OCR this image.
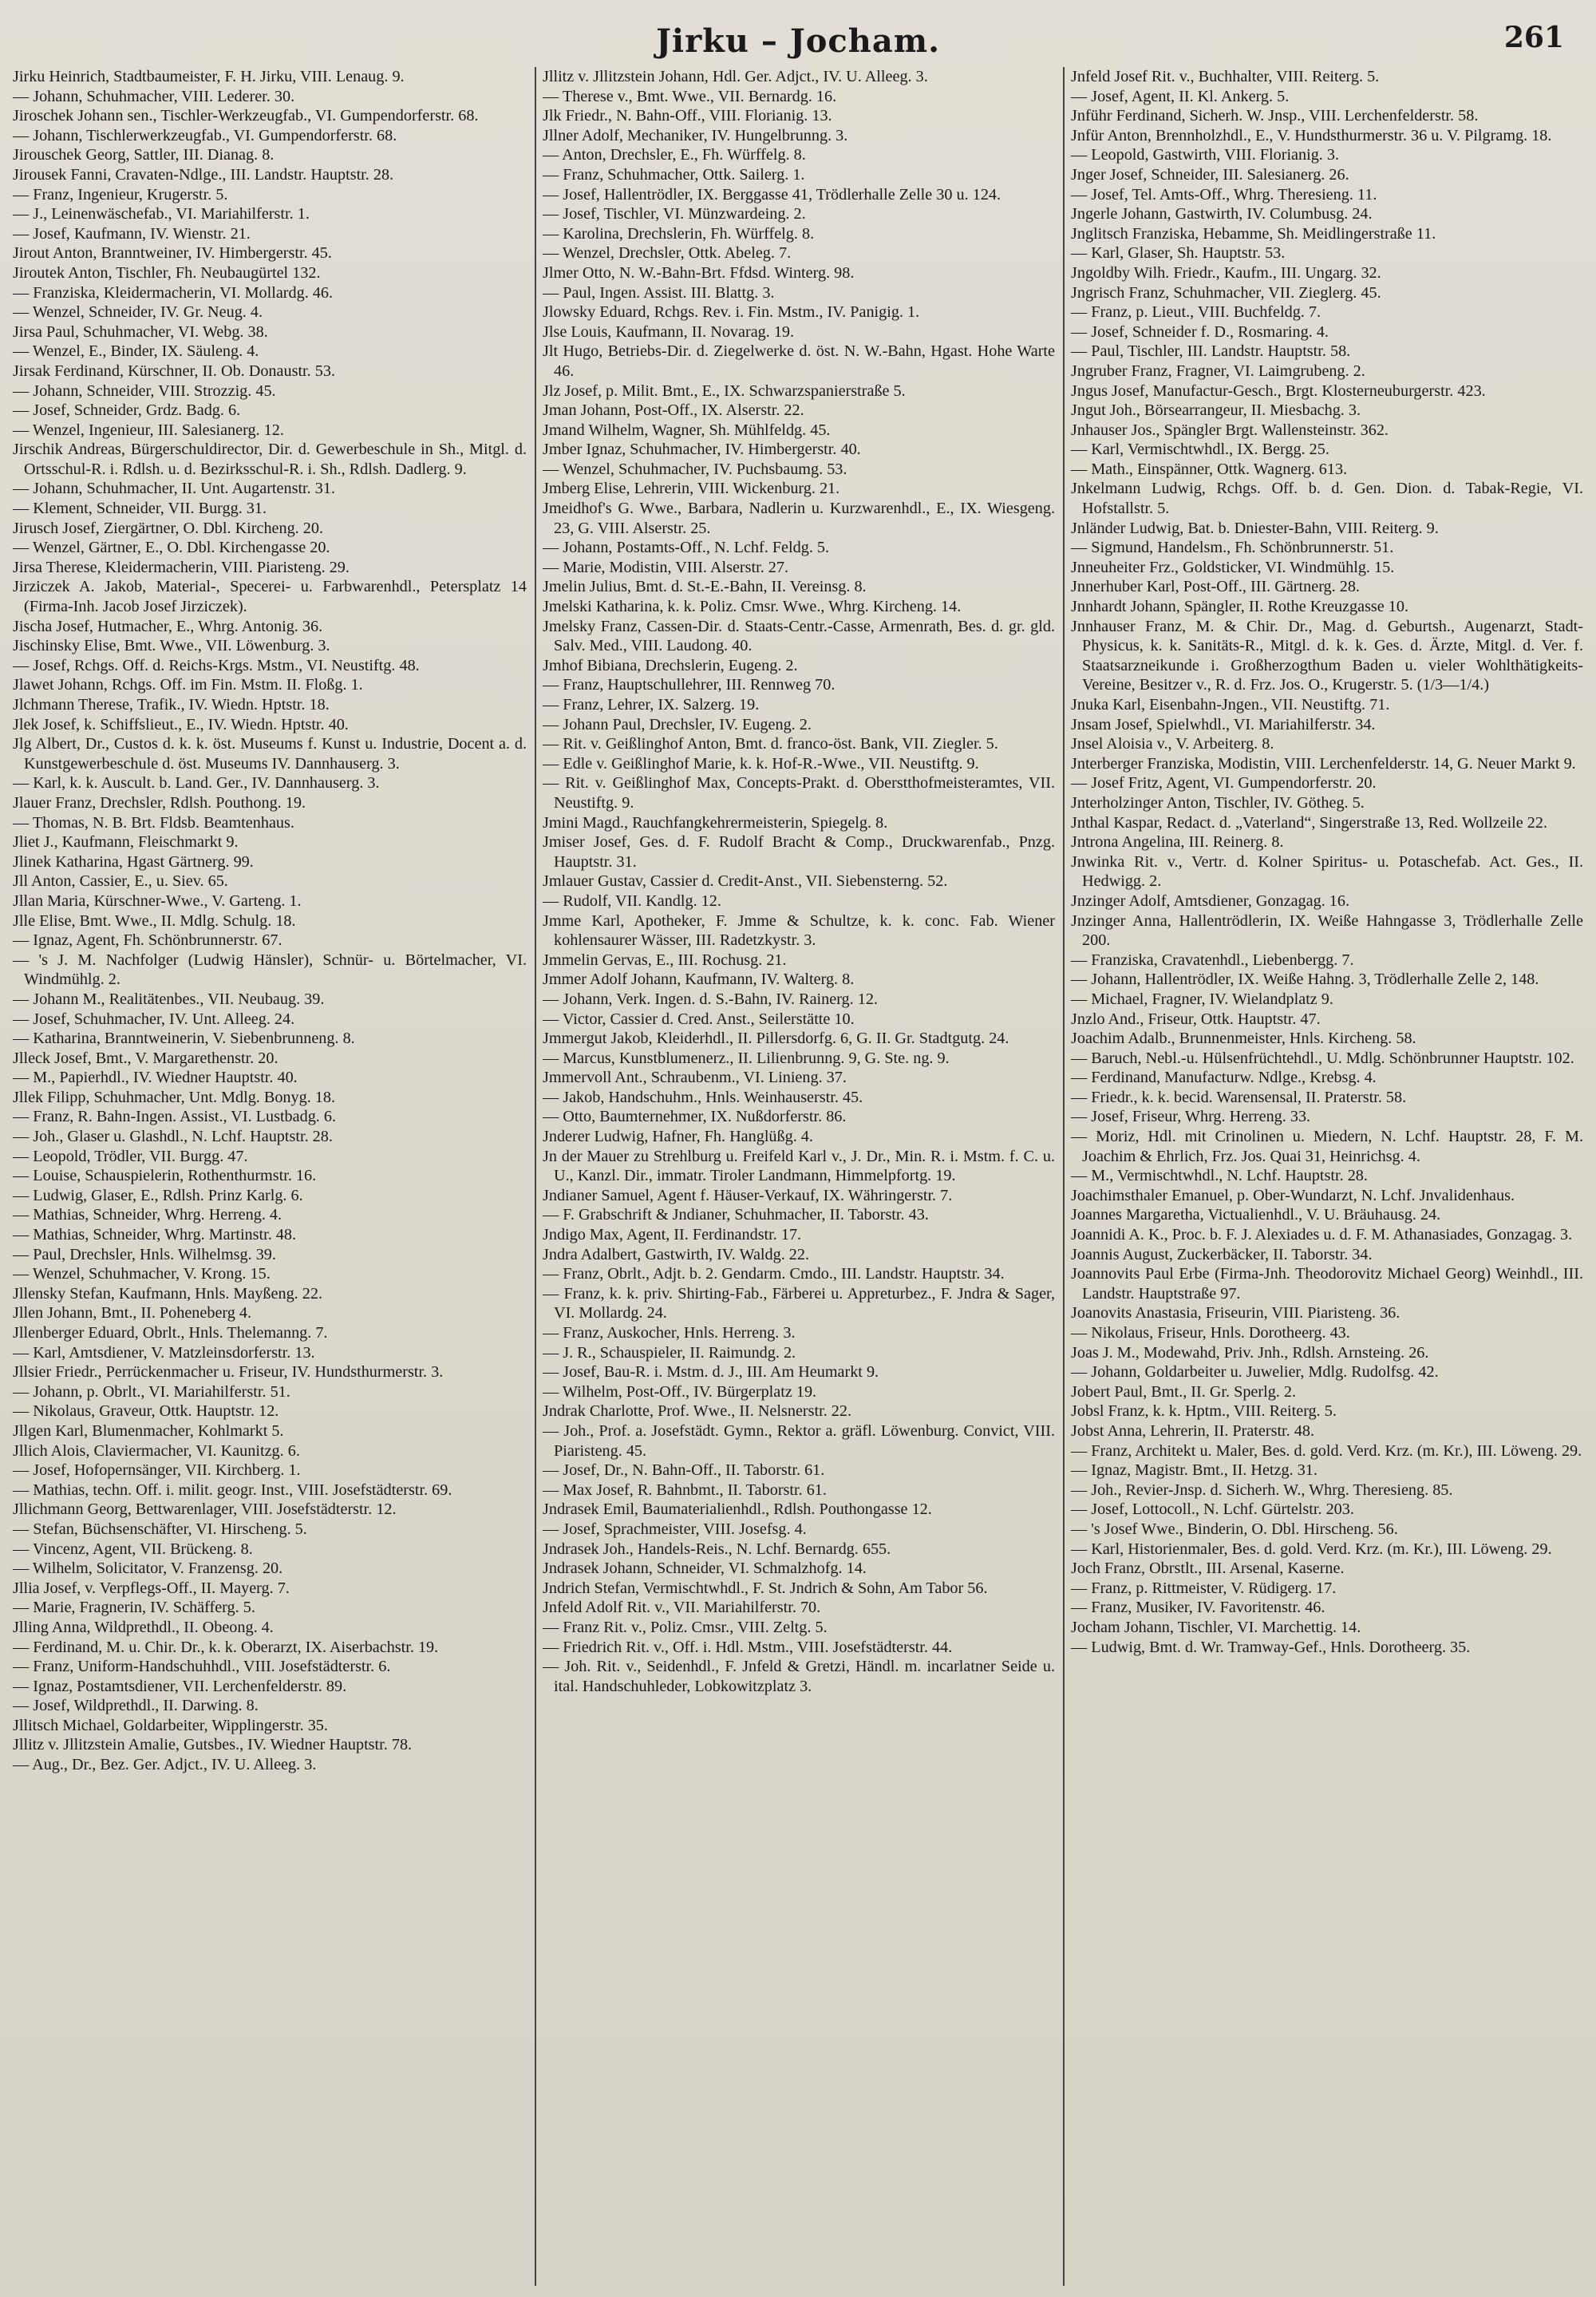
Jirku – Jocham.	261

Jirku Heinrich, Stadtbaumeister, F. H. Jirku, VIII. Lenaug. 9.

— Johann, Schuhmacher, VIII. Lederer. 30.

Jiroschek Johann sen., Tischler-Werkzeugfab., VI. Gumpendorferstr. 68.

— Johann, Tischlerwerkzeugfab., VI. Gumpendorferstr. 68.

Jirouschek Georg, Sattler, III. Dianag. 8.

Jirousek Fanni, Cravaten-Ndlge., III. Landstr. Hauptstr. 28.

— Franz, Ingenieur, Krugerstr. 5.

— J., Leinenwäschefab., VI. Mariahilferstr. 1.

— Josef, Kaufmann, IV. Wienstr. 21.

Jirout Anton, Branntweiner, IV. Himbergerstr. 45.

Jiroutek Anton, Tischler, Fh. Neubaugürtel 132.

— Franziska, Kleidermacherin, VI. Mollardg. 46.

— Wenzel, Schneider, IV. Gr. Neug. 4.

Jirsa Paul, Schuhmacher, VI. Webg. 38.

— Wenzel, E., Binder, IX. Säuleng. 4.

Jirsak Ferdinand, Kürschner, II. Ob. Donaustr. 53.

— Johann, Schneider, VIII. Strozzig. 45.

— Josef, Schneider, Grdz. Badg. 6.

— Wenzel, Ingenieur, III. Salesianerg. 12.

Jirschik Andreas, Bürgerschuldirector, Dir. d. Gewerbeschule in Sh., Mitgl. d. Ortsschul-R. i. Rdlsh. u. d. Bezirksschul-R. i. Sh., Rdlsh. Dadlerg. 9.

— Johann, Schuhmacher, II. Unt. Augartenstr. 31.

— Klement, Schneider, VII. Burgg. 31.

Jirusch Josef, Ziergärtner, O. Dbl. Kircheng. 20.

— Wenzel, Gärtner, E., O. Dbl. Kirchengasse 20.

Jirsa Therese, Kleidermacherin, VIII. Piaristeng. 29.

Jirziczek A. Jakob, Material-, Specerei- u. Farbwarenhdl., Petersplatz 14 (Firma-Inh. Jacob Josef Jirziczek).

Jischa Josef, Hutmacher, E., Whrg. Antonig. 36.

Jischinsky Elise, Bmt. Wwe., VII. Löwenburg. 3.

— Josef, Rchgs. Off. d. Reichs-Krgs. Mstm., VI. Neustiftg. 48.

Jlawet Johann, Rchgs. Off. im Fin. Mstm. II. Floßg. 1.

Jlchmann Therese, Trafik., IV. Wiedn. Hptstr. 18.

Jlek Josef, k. Schiffslieut., E., IV. Wiedn. Hptstr. 40.

Jlg Albert, Dr., Custos d. k. k. öst. Museums f. Kunst u. Industrie, Docent a. d. Kunstgewerbeschule d. öst. Museums IV. Dannhauserg. 3.

— Karl, k. k. Auscult. b. Land. Ger., IV. Dannhauserg. 3.

Jlauer Franz, Drechsler, Rdlsh. Pouthong. 19.

— Thomas, N. B. Brt. Fldsb. Beamtenhaus.

Jliet J., Kaufmann, Fleischmarkt 9.

Jlinek Katharina, Hgast Gärtnerg. 99.

Jll Anton, Cassier, E., u. Siev. 65.

Jllan Maria, Kürschner-Wwe., V. Garteng. 1.

Jlle Elise, Bmt. Wwe., II. Mdlg. Schulg. 18.

— Ignaz, Agent, Fh. Schönbrunnerstr. 67.

— 's J. M. Nachfolger (Ludwig Hänsler), Schnür- u. Börtelmacher, VI. Windmühlg. 2.

— Johann M., Realitätenbes., VII. Neubaug. 39.

— Josef, Schuhmacher, IV. Unt. Alleeg. 24.

— Katharina, Branntweinerin, V. Siebenbrunneng. 8.

Jlleck Josef, Bmt., V. Margarethenstr. 20.

— M., Papierhdl., IV. Wiedner Hauptstr. 40.

Jllek Filipp, Schuhmacher, Unt. Mdlg. Bonyg. 18.

— Franz, R. Bahn-Ingen. Assist., VI. Lustbadg. 6.

— Joh., Glaser u. Glashdl., N. Lchf. Hauptstr. 28.

— Leopold, Trödler, VII. Burgg. 47.

— Louise, Schauspielerin, Rothenthurmstr. 16.

— Ludwig, Glaser, E., Rdlsh. Prinz Karlg. 6.

— Mathias, Schneider, Whrg. Herreng. 4.

— Mathias, Schneider, Whrg. Martinstr. 48.

— Paul, Drechsler, Hnls. Wilhelmsg. 39.

— Wenzel, Schuhmacher, V. Krong. 15.

Jllensky Stefan, Kaufmann, Hnls. Mayßeng. 22.

Jllen Johann, Bmt., II. Poheneberg 4.

Jllenberger Eduard, Obrlt., Hnls. Thelemanng. 7.

— Karl, Amtsdiener, V. Matzleinsdorferstr. 13.

Jllsier Friedr., Perrückenmacher u. Friseur, IV. Hundsthurmerstr. 3.

— Johann, p. Obrlt., VI. Mariahilferstr. 51.

— Nikolaus, Graveur, Ottk. Hauptstr. 12.

Jllgen Karl, Blumenmacher, Kohlmarkt 5.

Jllich Alois, Claviermacher, VI. Kaunitzg. 6.

— Josef, Hofopernsänger, VII. Kirchberg. 1.

— Mathias, techn. Off. i. milit. geogr. Inst., VIII. Josefstädterstr. 69.

Jllichmann Georg, Bettwarenlager, VIII. Josefstädterstr. 12.

— Stefan, Büchsenschäfter, VI. Hirscheng. 5.

— Vincenz, Agent, VII. Brückeng. 8.

— Wilhelm, Solicitator, V. Franzensg. 20.

Jllia Josef, v. Verpflegs-Off., II. Mayerg. 7.

— Marie, Fragnerin, IV. Schäfferg. 5.

Jlling Anna, Wildprethdl., II. Obeong. 4.

— Ferdinand, M. u. Chir. Dr., k. k. Oberarzt, IX. Aiserbachstr. 19.

— Franz, Uniform-Handschuhhdl., VIII. Josefstädterstr. 6.

— Ignaz, Postamtsdiener, VII. Lerchenfelderstr. 89.

— Josef, Wildprethdl., II. Darwing. 8.

Jllitsch Michael, Goldarbeiter, Wipplingerstr. 35.

Jllitz v. Jllitzstein Amalie, Gutsbes., IV. Wiedner Hauptstr. 78.

— Aug., Dr., Bez. Ger. Adjct., IV. U. Alleeg. 3.

Jllitz v. Jllitzstein Johann, Hdl. Ger. Adjct., IV. U. Alleeg. 3.

— Therese v., Bmt. Wwe., VII. Bernardg. 16.

Jlk Friedr., N. Bahn-Off., VIII. Florianig. 13.

Jllner Adolf, Mechaniker, IV. Hungelbrunng. 3.

— Anton, Drechsler, E., Fh. Würffelg. 8.

— Franz, Schuhmacher, Ottk. Sailerg. 1.

— Josef, Hallentrödler, IX. Berggasse 41, Trödlerhalle Zelle 30 u. 124.

— Josef, Tischler, VI. Münzwardeing. 2.

— Karolina, Drechslerin, Fh. Würffelg. 8.

— Wenzel, Drechsler, Ottk. Abeleg. 7.

Jlmer Otto, N. W.-Bahn-Brt. Ffdsd. Winterg. 98.

— Paul, Ingen. Assist. III. Blattg. 3.

Jlowsky Eduard, Rchgs. Rev. i. Fin. Mstm., IV. Panigig. 1.

Jlse Louis, Kaufmann, II. Novarag. 19.

Jlt Hugo, Betriebs-Dir. d. Ziegelwerke d. öst. N. W.-Bahn, Hgast. Hohe Warte 46.

Jlz Josef, p. Milit. Bmt., E., IX. Schwarzspanierstraße 5.

Jman Johann, Post-Off., IX. Alserstr. 22.

Jmand Wilhelm, Wagner, Sh. Mühlfeldg. 45.

Jmber Ignaz, Schuhmacher, IV. Himbergerstr. 40.

— Wenzel, Schuhmacher, IV. Puchsbaumg. 53.

Jmberg Elise, Lehrerin, VIII. Wickenburg. 21.

Jmeidhof's G. Wwe., Barbara, Nadlerin u. Kurzwarenhdl., E., IX. Wiesgeng. 23, G. VIII. Alserstr. 25.

— Johann, Postamts-Off., N. Lchf. Feldg. 5.

— Marie, Modistin, VIII. Alserstr. 27.

Jmelin Julius, Bmt. d. St.-E.-Bahn, II. Vereinsg. 8.

Jmelski Katharina, k. k. Poliz. Cmsr. Wwe., Whrg. Kircheng. 14.

Jmelsky Franz, Cassen-Dir. d. Staats-Centr.-Casse, Armenrath, Bes. d. gr. gld. Salv. Med., VIII. Laudong. 40.

Jmhof Bibiana, Drechslerin, Eugeng. 2.

— Franz, Hauptschullehrer, III. Rennweg 70.

— Franz, Lehrer, IX. Salzerg. 19.

— Johann Paul, Drechsler, IV. Eugeng. 2.

— Rit. v. Geißlinghof Anton, Bmt. d. franco-öst. Bank, VII. Ziegler. 5.

— Edle v. Geißlinghof Marie, k. k. Hof-R.-Wwe., VII. Neustiftg. 9.

— Rit. v. Geißlinghof Max, Concepts-Prakt. d. Oberstthofmeisteramtes, VII. Neustiftg. 9.

Jmini Magd., Rauchfangkehrermeisterin, Spiegelg. 8.

Jmiser Josef, Ges. d. F. Rudolf Bracht & Comp., Druckwarenfab., Pnzg. Hauptstr. 31.

Jmlauer Gustav, Cassier d. Credit-Anst., VII. Siebensterng. 52.

— Rudolf, VII. Kandlg. 12.

Jmme Karl, Apotheker, F. Jmme & Schultze, k. k. conc. Fab. Wiener kohlensaurer Wässer, III. Radetzkystr. 3.

Jmmelin Gervas, E., III. Rochusg. 21.

Jmmer Adolf Johann, Kaufmann, IV. Walterg. 8.

— Johann, Verk. Ingen. d. S.-Bahn, IV. Rainerg. 12.

— Victor, Cassier d. Cred. Anst., Seilerstätte 10.

Jmmergut Jakob, Kleiderhdl., II. Pillersdorfg. 6, G. II. Gr. Stadtgutg. 24.

— Marcus, Kunstblumenerz., II. Lilienbrunng. 9, G. Ste. ng. 9.

Jmmervoll Ant., Schraubenm., VI. Linieng. 37.

— Jakob, Handschuhm., Hnls. Weinhauserstr. 45.

— Otto, Baumternehmer, IX. Nußdorferstr. 86.

Jnderer Ludwig, Hafner, Fh. Hanglüßg. 4.

Jn der Mauer zu Strehlburg u. Freifeld Karl v., J. Dr., Min. R. i. Mstm. f. C. u. U., Kanzl. Dir., immatr. Tiroler Landmann, Himmelpfortg. 19.

Jndianer Samuel, Agent f. Häuser-Verkauf, IX. Währingerstr. 7.

— F. Grabschrift & Jndianer, Schuhmacher, II. Taborstr. 43.

Jndigo Max, Agent, II. Ferdinandstr. 17.

Jndra Adalbert, Gastwirth, IV. Waldg. 22.

— Franz, Obrlt., Adjt. b. 2. Gendarm. Cmdo., III. Landstr. Hauptstr. 34.

— Franz, k. k. priv. Shirting-Fab., Färberei u. Appreturbez., F. Jndra & Sager, VI. Mollardg. 24.

— Franz, Auskocher, Hnls. Herreng. 3.

— J. R., Schauspieler, II. Raimundg. 2.

— Josef, Bau-R. i. Mstm. d. J., III. Am Heumarkt 9.

— Wilhelm, Post-Off., IV. Bürgerplatz 19.

Jndrak Charlotte, Prof. Wwe., II. Nelsnerstr. 22.

— Joh., Prof. a. Josefstädt. Gymn., Rektor a. gräfl. Löwenburg. Convict, VIII. Piaristeng. 45.

— Josef, Dr., N. Bahn-Off., II. Taborstr. 61.

— Max Josef, R. Bahnbmt., II. Taborstr. 61.

Jndrasek Emil, Baumaterialienhdl., Rdlsh. Pouthongasse 12.

— Josef, Sprachmeister, VIII. Josefsg. 4.

Jndrasek Joh., Handels-Reis., N. Lchf. Bernardg. 655.

Jndrasek Johann, Schneider, VI. Schmalzhofg. 14.

Jndrich Stefan, Vermischtwhdl., F. St. Jndrich & Sohn, Am Tabor 56.

Jnfeld Adolf Rit. v., VII. Mariahilferstr. 70.

— Franz Rit. v., Poliz. Cmsr., VIII. Zeltg. 5.

— Friedrich Rit. v., Off. i. Hdl. Mstm., VIII. Josefstädterstr. 44.

— Joh. Rit. v., Seidenhdl., F. Jnfeld & Gretzi, Händl. m. incarlatner Seide u. ital. Handschuhleder, Lobkowitzplatz 3.

Jnfeld Josef Rit. v., Buchhalter, VIII. Reiterg. 5.

— Josef, Agent, II. Kl. Ankerg. 5.

Jnführ Ferdinand, Sicherh. W. Jnsp., VIII. Lerchenfelderstr. 58.

Jnfür Anton, Brennholzhdl., E., V. Hundsthurmerstr. 36 u. V. Pilgramg. 18.

— Leopold, Gastwirth, VIII. Florianig. 3.

Jnger Josef, Schneider, III. Salesianerg. 26.

— Josef, Tel. Amts-Off., Whrg. Theresieng. 11.

Jngerle Johann, Gastwirth, IV. Columbusg. 24.

Jnglitsch Franziska, Hebamme, Sh. Meidlingerstraße 11.

— Karl, Glaser, Sh. Hauptstr. 53.

Jngoldby Wilh. Friedr., Kaufm., III. Ungarg. 32.

Jngrisch Franz, Schuhmacher, VII. Zieglerg. 45.

— Franz, p. Lieut., VIII. Buchfeldg. 7.

— Josef, Schneider f. D., Rosmaring. 4.

— Paul, Tischler, III. Landstr. Hauptstr. 58.

Jngruber Franz, Fragner, VI. Laimgrubeng. 2.

Jngus Josef, Manufactur-Gesch., Brgt. Klosterneuburgerstr. 423.

Jngut Joh., Börsearrangeur, II. Miesbachg. 3.

Jnhauser Jos., Spängler Brgt. Wallensteinstr. 362.

— Karl, Vermischtwhdl., IX. Bergg. 25.

— Math., Einspänner, Ottk. Wagnerg. 613.

Jnkelmann Ludwig, Rchgs. Off. b. d. Gen. Dion. d. Tabak-Regie, VI. Hofstallstr. 5.

Jnländer Ludwig, Bat. b. Dniester-Bahn, VIII. Reiterg. 9.

— Sigmund, Handelsm., Fh. Schönbrunnerstr. 51.

Jnneuheiter Frz., Goldsticker, VI. Windmühlg. 15.

Jnnerhuber Karl, Post-Off., III. Gärtnerg. 28.

Jnnhardt Johann, Spängler, II. Rothe Kreuzgasse 10.

Jnnhauser Franz, M. & Chir. Dr., Mag. d. Geburtsh., Augenarzt, Stadt-Physicus, k. k. Sanitäts-R., Mitgl. d. k. k. Ges. d. Ärzte, Mitgl. d. Ver. f. Staatsarzneikunde i. Großherzogthum Baden u. vieler Wohlthätigkeits-Vereine, Besitzer v., R. d. Frz. Jos. O., Krugerstr. 5. (1/3—1/4.)

Jnuka Karl, Eisenbahn-Jngen., VII. Neustiftg. 71.

Jnsam Josef, Spielwhdl., VI. Mariahilferstr. 34.

Jnsel Aloisia v., V. Arbeiterg. 8.

Jnterberger Franziska, Modistin, VIII. Lerchenfelderstr. 14, G. Neuer Markt 9.

— Josef Fritz, Agent, VI. Gumpendorferstr. 20.

Jnterholzinger Anton, Tischler, IV. Götheg. 5.

Jnthal Kaspar, Redact. d. „Vaterland“, Singerstraße 13, Red. Wollzeile 22.

Jntrona Angelina, III. Reinerg. 8.

Jnwinka Rit. v., Vertr. d. Kolner Spiritus- u. Potaschefab. Act. Ges., II. Hedwigg. 2.

Jnzinger Adolf, Amtsdiener, Gonzagag. 16.

Jnzinger Anna, Hallentrödlerin, IX. Weiße Hahngasse 3, Trödlerhalle Zelle 200.

— Franziska, Cravatenhdl., Liebenbergg. 7.

— Johann, Hallentrödler, IX. Weiße Hahng. 3, Trödlerhalle Zelle 2, 148.

— Michael, Fragner, IV. Wielandplatz 9.

Jnzlo And., Friseur, Ottk. Hauptstr. 47.

Joachim Adalb., Brunnenmeister, Hnls. Kircheng. 58.

— Baruch, Nebl.-u. Hülsenfrüchtehdl., U. Mdlg. Schönbrunner Hauptstr. 102.

— Ferdinand, Manufacturw. Ndlge., Krebsg. 4.

— Friedr., k. k. becid. Warensensal, II. Praterstr. 58.

— Josef, Friseur, Whrg. Herreng. 33.

— Moriz, Hdl. mit Crinolinen u. Miedern, N. Lchf. Hauptstr. 28, F. M. Joachim & Ehrlich, Frz. Jos. Quai 31, Heinrichsg. 4.

— M., Vermischtwhdl., N. Lchf. Hauptstr. 28.

Joachimsthaler Emanuel, p. Ober-Wundarzt, N. Lchf. Jnvalidenhaus.

Joannes Margaretha, Victualienhdl., V. U. Bräuhausg. 24.

Joannidi A. K., Proc. b. F. J. Alexiades u. d. F. M. Athanasiades, Gonzagag. 3.

Joannis August, Zuckerbäcker, II. Taborstr. 34.

Joannovits Paul Erbe (Firma-Jnh. Theodorovitz Michael Georg) Weinhdl., III. Landstr. Hauptstraße 97.

Joanovits Anastasia, Friseurin, VIII. Piaristeng. 36.

— Nikolaus, Friseur, Hnls. Dorotheerg. 43.

Joas J. M., Modewahd, Priv. Jnh., Rdlsh. Arnsteing. 26.

— Johann, Goldarbeiter u. Juwelier, Mdlg. Rudolfsg. 42.

Jobert Paul, Bmt., II. Gr. Sperlg. 2.

Jobsl Franz, k. k. Hptm., VIII. Reiterg. 5.

Jobst Anna, Lehrerin, II. Praterstr. 48.

— Franz, Architekt u. Maler, Bes. d. gold. Verd. Krz. (m. Kr.), III. Löweng. 29.

— Ignaz, Magistr. Bmt., II. Hetzg. 31.

— Joh., Revier-Jnsp. d. Sicherh. W., Whrg. Theresieng. 85.

— Josef, Lottocoll., N. Lchf. Gürtelstr. 203.

— 's Josef Wwe., Binderin, O. Dbl. Hirscheng. 56.

— Karl, Historienmaler, Bes. d. gold. Verd. Krz. (m. Kr.), III. Löweng. 29.

Joch Franz, Obrstlt., III. Arsenal, Kaserne.

— Franz, p. Rittmeister, V. Rüdigerg. 17.

— Franz, Musiker, IV. Favoritenstr. 46.

Jocham Johann, Tischler, VI. Marchettig. 14.

— Ludwig, Bmt. d. Wr. Tramway-Gef., Hnls. Dorotheerg. 35.
